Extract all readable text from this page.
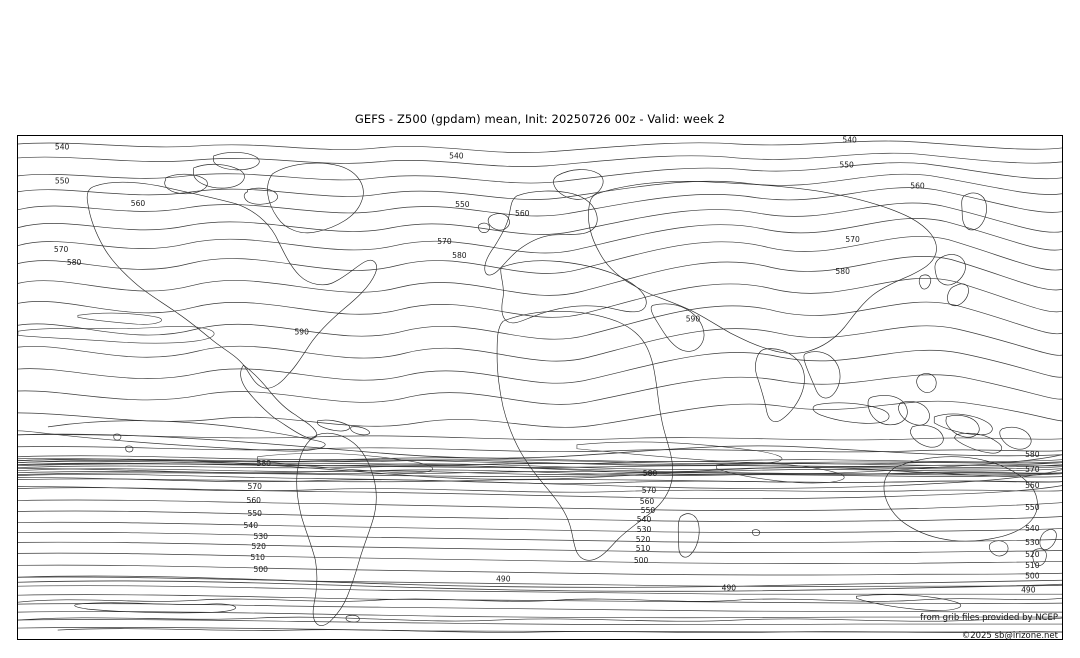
GEFS - Z500 (gpdam) mean, Init: 20250726 00z - Valid: week 2
540
540
550
540
550
560	550
560
560
570
570	570
580
580
580
590
590
580
580
580
570	570
570
560	560
560
550	550	550
540
540
540
530
530
530
520
520
520
510
510
510
500
500
500
490
490	490
from grib files provided by NCEP
©2025 sb@irizone.net
